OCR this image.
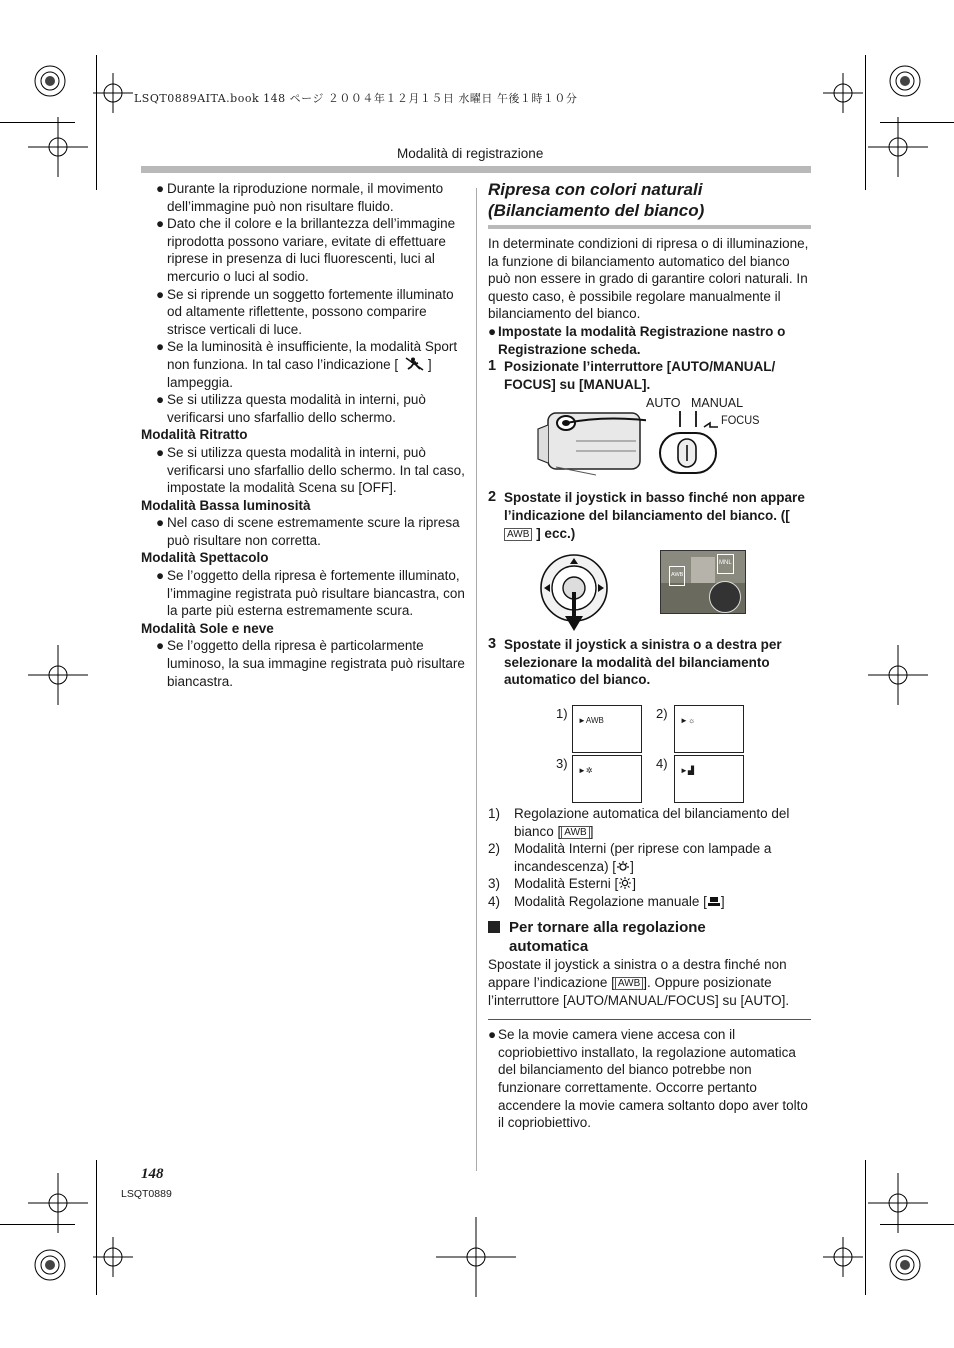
LSQT0889AITA.book 148 ページ ２００４年１２月１５日 水曜日 午後１時１０分
Modalità di registrazione
● Durante la riproduzione normale, il movimento dell’immagine può non risultare fluido.
● Dato che il colore e la brillantezza dell’immagine riprodotta possono variare, evitate di effettuare riprese in presenza di luci fluorescenti, luci al mercurio o luci al sodio.
● Se si riprende un soggetto fortemente illuminato od altamente riflettente, possono comparire strisce verticali di luce.
● Se la luminosità è insufficiente, la modalità Sport non funziona. In tal caso l’indicazione [ ] lampeggia.
● Se si utilizza questa modalità in interni, può verificarsi uno sfarfallio dello schermo.
Modalità Ritratto
● Se si utilizza questa modalità in interni, può verificarsi uno sfarfallio dello schermo. In tal caso, impostate la modalità Scena su [OFF].
Modalità Bassa luminosità
● Nel caso di scene estremamente scure la ripresa può risultare non corretta.
Modalità Spettacolo
● Se l’oggetto della ripresa è fortemente illuminato, l’immagine registrata può risultare biancastra, con la parte più esterna estremamente scura.
Modalità Sole e neve
● Se l’oggetto della ripresa è particolarmente luminoso, la sua immagine registrata può risultare biancastra.
Ripresa con colori naturali
(Bilanciamento del bianco)
In determinate condizioni di ripresa o di illuminazione, la funzione di bilanciamento automatico del bianco può non essere in grado di garantire colori naturali. In questo caso, è possibile regolare manualmente il bilanciamento del bianco.
● Impostate la modalità Registrazione nastro o Registrazione scheda.
1 Posizionate l’interruttore [AUTO/MANUAL/ FOCUS] su [MANUAL].
AUTO MANUAL
FOCUS
2 Spostate il joystick in basso finché non appare l’indicazione del bilanciamento del bianco. ([ AWB ] ecc.)
MNL
AWB
3 Spostate il joystick a sinistra o a destra per selezionare la modalità del bilanciamento automatico del bianco.
1) ►AWB	2) ►☼
3) ►✲	4) ►▟
1) Regolazione automatica del bilanciamento del bianco [ AWB ]
2) Modalità Interni (per riprese con lampade a incandescenza) [ ]
3) Modalità Esterni [ ]
4) Modalità Regolazione manuale [ ]
Per tornare alla regolazione
automatica
Spostate il joystick a sinistra o a destra finché non appare l’indicazione [ AWB ]. Oppure posizionate l’interruttore [AUTO/MANUAL/FOCUS] su [AUTO].
● Se la movie camera viene accesa con il copriobiettivo installato, la regolazione automatica del bilanciamento del bianco potrebbe non funzionare correttamente. Occorre pertanto accendere la movie camera soltanto dopo aver tolto il copriobiettivo.
148
LSQT0889
